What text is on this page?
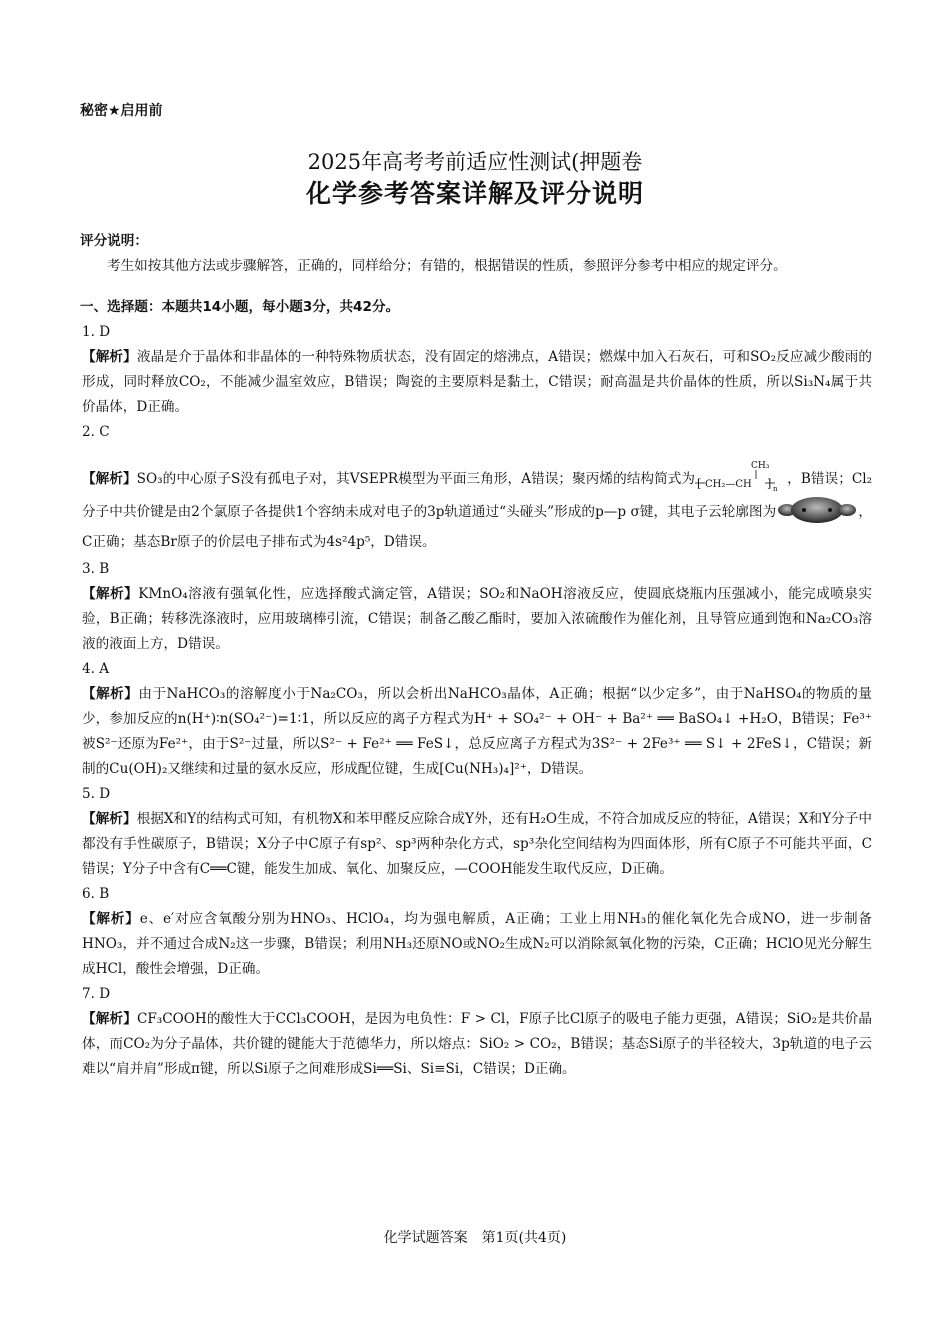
秘密★启用前
2025年高考考前适应性测试(押题卷
化学参考答案详解及评分说明
评分说明：
考生如按其他方法或步骤解答，正确的，同样给分；有错的，根据错误的性质，参照评分参考中相应的规定评分。
一、选择题：本题共14小题，每小题3分，共42分。
1. D
【解析】液晶是介于晶体和非晶体的一种特殊物质状态，没有固定的熔沸点，A错误；燃煤中加入石灰石，可和SO₂反应减少酸雨的形成，同时释放CO₂，不能减少温室效应，B错误；陶瓷的主要原料是黏土，C错误；耐高温是共价晶体的性质，所以Si₃N₄属于共价晶体，D正确。
2. C
【解析】SO₃的中心原子S没有孤电子对，其VSEPR模型为平面三角形，A错误；聚丙烯的结构简式为
CH₃
[ CH₂—CH ] n
，B错误；Cl₂分子中共价键是由2个氯原子各提供1个容纳未成对电子的3p轨道通过“头碰头”形成的p—p σ键，其电子云轮廓图为	，C正确；基态Br原子的价层电子排布式为4s²4p⁵，D错误。
3. B
【解析】KMnO₄溶液有强氧化性，应选择酸式滴定管，A错误；SO₂和NaOH溶液反应，使圆底烧瓶内压强减小，能完成喷泉实验，B正确；转移洗涤液时，应用玻璃棒引流，C错误；制备乙酸乙酯时，要加入浓硫酸作为催化剂，且导管应通到饱和Na₂CO₃溶液的液面上方，D错误。
4. A
【解析】由于NaHCO₃的溶解度小于Na₂CO₃，所以会析出NaHCO₃晶体，A正确；根据“以少定多”，由于NaHSO₄的物质的量少，参加反应的n(H⁺)∶n(SO₄²⁻)=1∶1，所以反应的离子方程式为H⁺ + SO₄²⁻ + OH⁻ + Ba²⁺ ══ BaSO₄↓ +H₂O，B错误；Fe³⁺被S²⁻还原为Fe²⁺，由于S²⁻过量，所以S²⁻ + Fe²⁺ ══ FeS↓，总反应离子方程式为3S²⁻ + 2Fe³⁺ ══ S↓ + 2FeS↓，C错误；新制的Cu(OH)₂又继续和过量的氨水反应，形成配位键，生成[Cu(NH₃)₄]²⁺，D错误。
5. D
【解析】根据X和Y的结构式可知，有机物X和苯甲醛反应除合成Y外，还有H₂O生成，不符合加成反应的特征，A错误；X和Y分子中都没有手性碳原子，B错误；X分子中C原子有sp²、sp³两种杂化方式，sp³杂化空间结构为四面体形，所有C原子不可能共平面，C错误；Y分子中含有C══C键，能发生加成、氧化、加聚反应，—COOH能发生取代反应，D正确。
6. B
【解析】e、e′对应含氧酸分别为HNO₃、HClO₄，均为强电解质，A正确；工业上用NH₃的催化氧化先合成NO，进一步制备HNO₃，并不通过合成N₂这一步骤，B错误；利用NH₃还原NO或NO₂生成N₂可以消除氮氧化物的污染，C正确；HClO见光分解生成HCl，酸性会增强，D正确。
7. D
【解析】CF₃COOH的酸性大于CCl₃COOH，是因为电负性：F > Cl，F原子比Cl原子的吸电子能力更强，A错误；SiO₂是共价晶体，而CO₂为分子晶体，共价键的键能大于范德华力，所以熔点：SiO₂ > CO₂，B错误；基态Si原子的半径较大，3p轨道的电子云难以“肩并肩”形成π键，所以Si原子之间难形成Si══Si、Si≡Si，C错误；D正确。
化学试题答案　第1页(共4页)
